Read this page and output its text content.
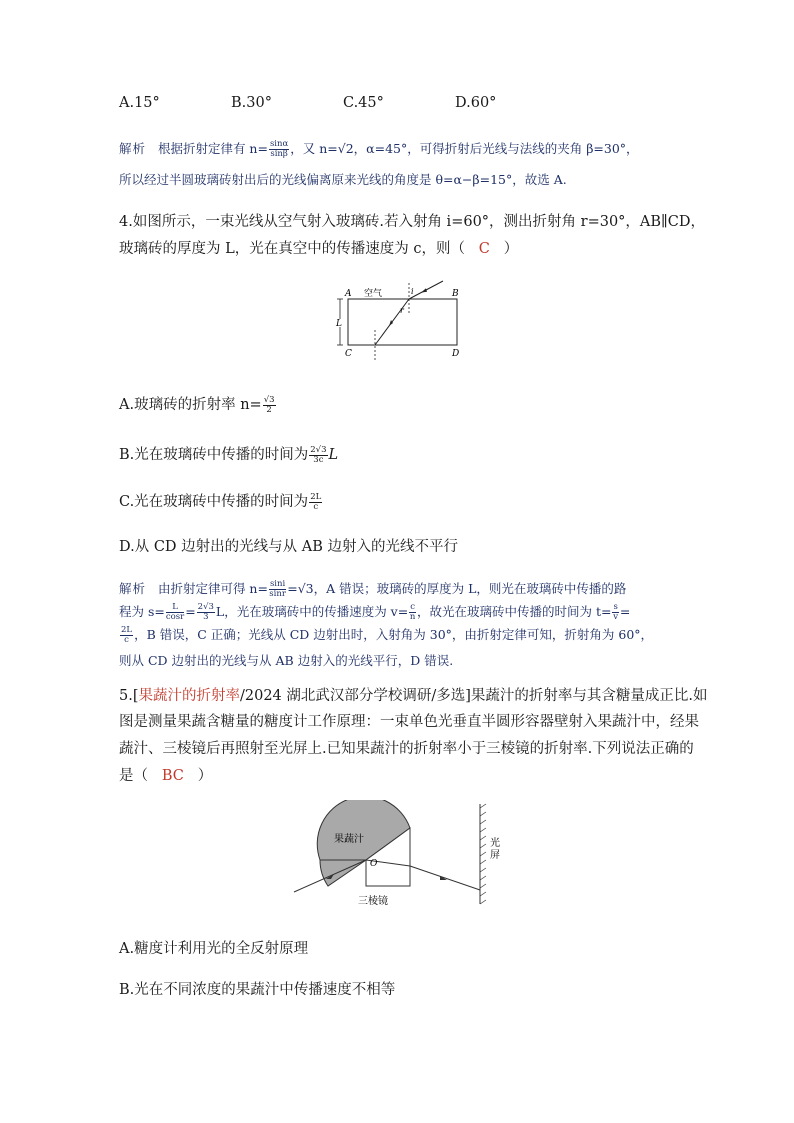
A.15°	B.30°	C.45°	D.60°
解析 根据折射定律有 $n= \frac{\sin\alpha}{\sin\beta}$ ，又 n=√2，α=45°，可得折射后光线与法线的夹角 β=30°，
所以经过半圆玻璃砖射出后的光线偏离原来光线的角度是 θ=α−β=15°，故选 A.
4.如图所示，一束光线从空气射入玻璃砖.若入射角 i=60°，测出折射角 r=30°，AB∥CD，
玻璃砖的厚度为 L，光在真空中的传播速度为 c，则（ C ）
A	B
C	D
空气
L
i
r
A.玻璃砖的折射率 $n= \frac{√3}{2}$
B.光在玻璃砖中传播的时间为 $\frac{2√3}{3c}$ L
C.光在玻璃砖中传播的时间为 $\frac{2L}{c}$
D.从 CD 边射出的光线与从 AB 边射入的光线不平行
解析 由折射定律可得 $n= \frac{\sin i}{\sin r} =√3$，A 错误；玻璃砖的厚度为 L，则光在玻璃砖中传播的路
程为 $s= \frac{L}{\cos r} = \frac{2√3}{3}$ L，光在玻璃砖中的传播速度为 $v= \frac{c}{n}$ ，故光在玻璃砖中传播的时间为 $t= \frac{s}{v}$ =
$\frac{2L}{c}$ ，B 错误，C 正确；光线从 CD 边射出时，入射角为 30°，由折射定律可知，折射角为 60°，
则从 CD 边射出的光线与从 AB 边射入的光线平行，D 错误.
5.[果蔬汁的折射率/2024 湖北武汉部分学校调研/多选]果蔬汁的折射率与其含糖量成正比.如
图是测量果蔬含糖量的糖度计工作原理：一束单色光垂直半圆形容器壁射入果蔬汁中，经果
蔬汁、三棱镜后再照射至光屏上.已知果蔬汁的折射率小于三棱镜的折射率.下列说法正确的
是（ BC ）
果蔬汁
O
三棱镜
光
屏
A.糖度计利用光的全反射原理
B.光在不同浓度的果蔬汁中传播速度不相等
